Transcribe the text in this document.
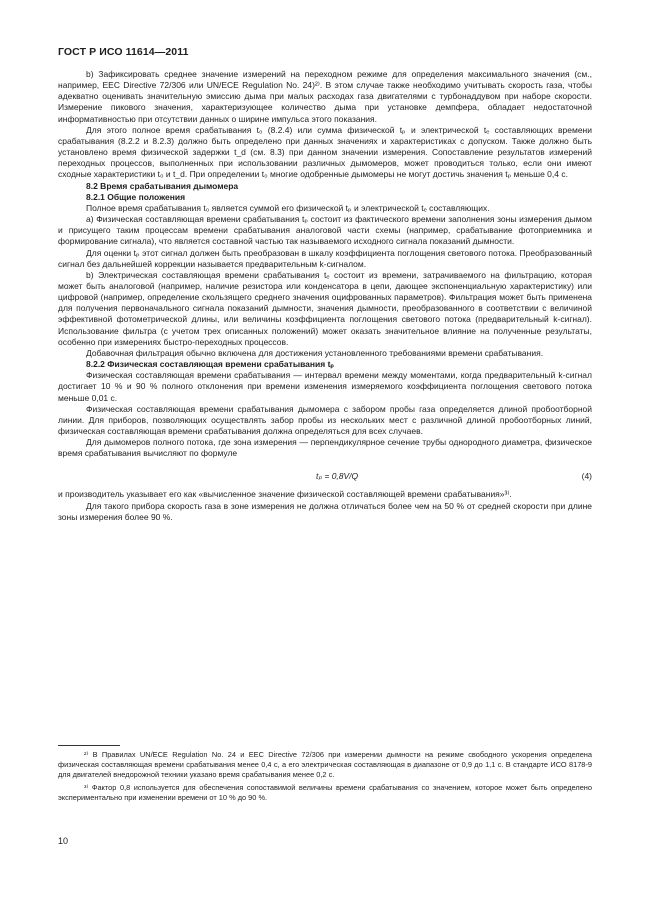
ГОСТ Р ИСО 11614—2011

b) Зафиксировать среднее значение измерений на переходном режиме для определения максимального значения (см., например, EEC Directive 72/306 или UN/ECE Regulation No. 24)²⁾. В этом случае также необходимо учитывать скорость газа, чтобы адекватно оценивать значительную эмиссию дыма при малых расходах газа двигателями с турбонаддувом при наборе скорости. Измерение пикового значения, характеризующее количество дыма при установке демпфера, обладает недостаточной информативностью при отсутствии данных о ширине импульса этого показания.

Для этого полное время срабатывания t₀ (8.2.4) или сумма физической tₚ и электрической tₑ составляющих времени срабатывания (8.2.2 и 8.2.3) должно быть определено при данных значениях и характеристиках с допуском. Также должно быть установлено время физической задержки t_d (см. 8.3) при данном значении измерения. Сопоставление результатов измерений переходных процессов, выполненных при использовании различных дымомеров, может проводиться только, если они имеют сходные характеристики t₀ и t_d. При определении t₀ многие одобренные дымомеры не могут достичь значения tₚ меньше 0,4 с.

8.2 Время срабатывания дымомера

8.2.1 Общие положения

Полное время срабатывания t₀ является суммой его физической tₚ и электрической tₑ составляющих.

а) Физическая составляющая времени срабатывания tₚ состоит из фактического времени заполнения зоны измерения дымом и присущего таким процессам времени срабатывания аналоговой части схемы (например, срабатывание фотоприемника и формирование сигнала), что является составной частью так называемого исходного сигнала показаний дымности.

Для оценки tₚ этот сигнал должен быть преобразован в шкалу коэффициента поглощения светового потока. Преобразованный сигнал без дальнейшей коррекции называется предварительным k-сигналом.

b) Электрическая составляющая времени срабатывания tₑ состоит из времени, затрачиваемого на фильтрацию, которая может быть аналоговой (например, наличие резистора или конденсатора в цепи, дающее экспоненциальную характеристику) или цифровой (например, определение скользящего среднего значения оцифрованных параметров). Фильтрация может быть применена для получения первоначального сигнала показаний дымности, значения дымности, преобразованного в соответствии с величиной эффективной фотометрической длины, или величины коэффициента поглощения светового потока (предварительный k-сигнал). Использование фильтра (с учетом трех описанных положений) может оказать значительное влияние на полученные результаты, особенно при измерениях быстро-переходных процессов.

Добавочная фильтрация обычно включена для достижения установленного требованиями времени срабатывания.

8.2.2 Физическая составляющая времени срабатывания tₚ

Физическая составляющая времени срабатывания — интервал времени между моментами, когда предварительный k-сигнал достигает 10 % и 90 % полного отклонения при времени изменения измеряемого коэффициента поглощения светового потока меньше 0,01 с.

Физическая составляющая времени срабатывания дымомера с забором пробы газа определяется длиной пробоотборной линии. Для приборов, позволяющих осуществлять забор пробы из нескольких мест с различной длиной пробоотборных линий, физическая составляющая времени срабатывания должна определяться для всех случаев.

Для дымомеров полного потока, где зона измерения — перпендикулярное сечение трубы однородного диаметра, физическое время срабатывания вычисляют по формуле

tₚ = 0,8V/Q	(4)

и производитель указывает его как «вычисленное значение физической составляющей времени срабатывания»³⁾.

Для такого прибора скорость газа в зоне измерения не должна отличаться более чем на 50 % от средней скорости при длине зоны измерения более 90 %.

²⁾ В Правилах UN/ECE Regulation No. 24 и EEC Directive 72/306 при измерении дымности на режиме свободного ускорения определена физическая составляющая времени срабатывания менее 0,4 с, а его электрическая составляющая в диапазоне от 0,9 до 1,1 с. В стандарте ИСО 8178-9 для двигателей внедорожной техники указано время срабатывания менее 0,2 с.

³⁾ Фактор 0,8 используется для обеспечения сопоставимой величины времени срабатывания со значением, которое может быть определено экспериментально при изменении времени от 10 % до 90 %.

10
